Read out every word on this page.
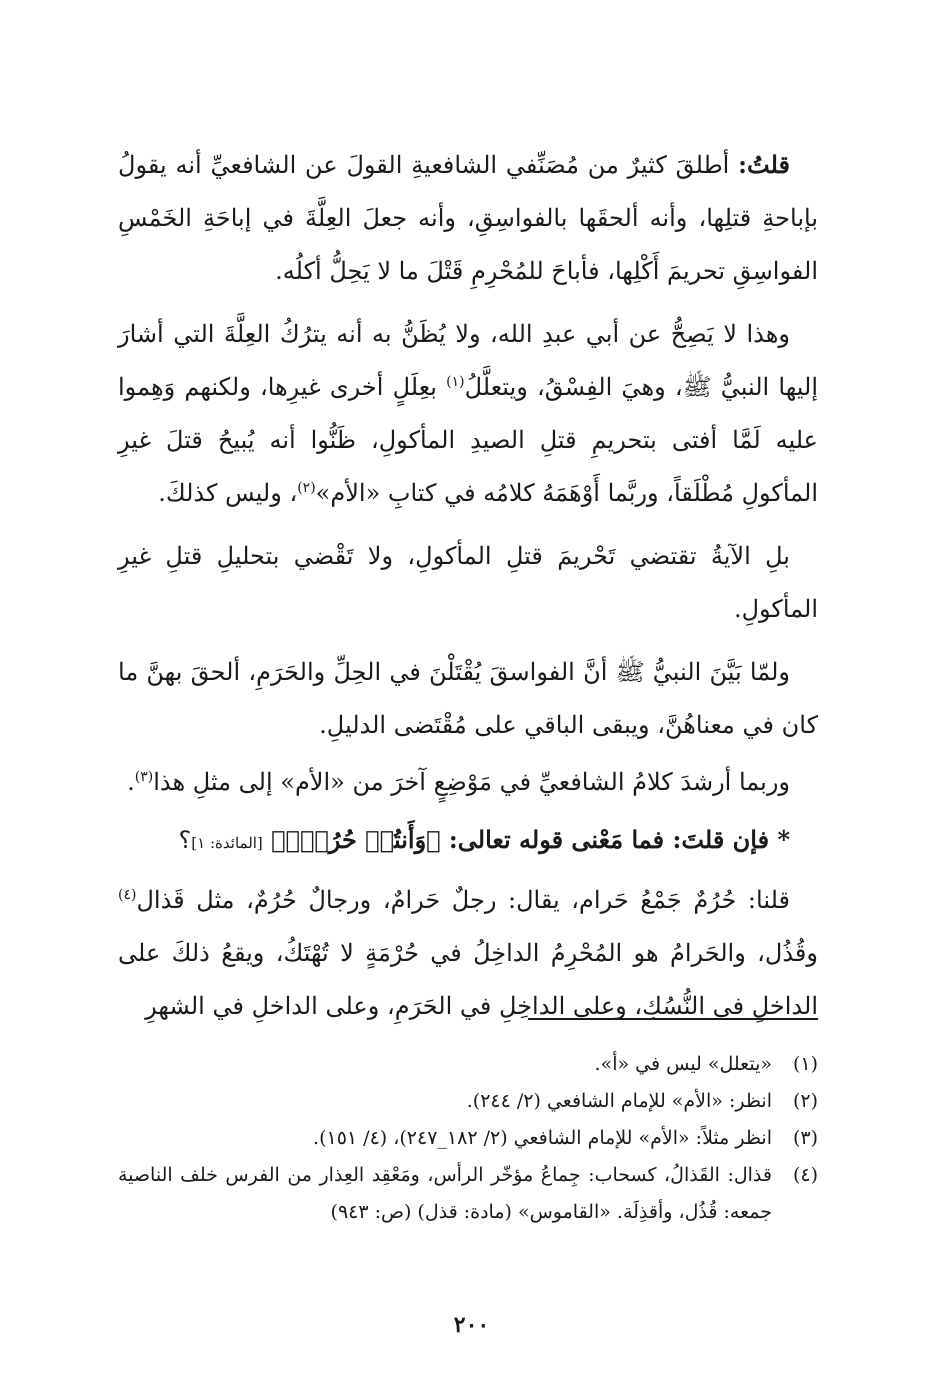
قلتُ: أطلقَ كثيرٌ من مُصَنِّفي الشافعيةِ القولَ عن الشافعيِّ أنه يقولُ بإباحةِ قتلِها، وأنه ألحقَها بالفواسِقِ، وأنه جعلَ العِلَّةَ في إباحَةِ الخَمْسِ الفواسِقِ تحريمَ أَكْلِها، فأباحَ للمُحْرِمِ قَتْلَ ما لا يَحِلُّ أكلُه.

وهذا لا يَصِحُّ عن أبي عبدِ الله، ولا يُظَنُّ به أنه يترُكُ العِلَّةَ التي أشارَ إليها النبيُّ ﷺ، وهيَ الفِسْقُ، ويتعلَّلُ$^{(١)}$ بعِلَلٍ أخرى غيرِها، ولكنهم وَهِموا عليه لَمَّا أفتى بتحريمِ قتلِ الصيدِ المأكولِ، ظَنُّوا أنه يُبيحُ قتلَ غيرِ المأكولِ مُطْلَقاً، وربَّما أَوْهَمَهُ كلامُه في كتابِ «الأم»$^{(٢)}$، وليس كذلكَ.

بلِ الآيةُ تقتضي تَحْريمَ قتلِ المأكولِ، ولا تَقْضي بتحليلِ قتلِ غيرِ المأكولِ.

ولمّا بَيَّنَ النبيُّ ﷺ أنَّ الفواسقَ يُقْتَلْنَ في الحِلِّ والحَرَمِ، ألحقَ بهنَّ ما كان في معناهُنَّ، ويبقى الباقي على مُقْتَضى الدليلِ.

وربما أرشدَ كلامُ الشافعيِّ في مَوْضِعٍ آخرَ من «الأم» إلى مثلِ هذا$^{(٣)}$.

* فإن قلتَ: فما مَعْنى قوله تعالى: ﴿وَأَنتُمۡ حُرُمٞۗ﴾ [المائدة: ١]؟

قلنا: حُرُمٌ جَمْعُ حَرام، يقال: رجلٌ حَرامٌ، ورجالٌ حُرُمٌ، مثل قَذال$^{(٤)}$ وقُذُل، والحَرامُ هو المُحْرِمُ الداخِلُ في حُرْمَةٍ لا تُهْتَكُ، ويقعُ ذلكَ على الداخلِ في النُّسُكِ، وعلى الداخِلِ في الحَرَمِ، وعلى الداخلِ في الشهرِ

(١)
«يتعلل» ليس في «أ».
(٢)
انظر: «الأم» للإمام الشافعي (٢/ ٢٤٤).
(٣)
انظر مثلاً: «الأم» للإمام الشافعي (٢/ ١٨٢_٢٤٧)، (٤/ ١٥١).
(٤)
قذال: القَذالُ، كسحاب: جِماعُ مؤخّر الرأس، ومَعْقِد العِذار من الفرس خلف الناصية جمعه: قُذُل، وأقذِلَة. «القاموس» (مادة: قذل) (ص: ٩٤٣)
٢٠٠
